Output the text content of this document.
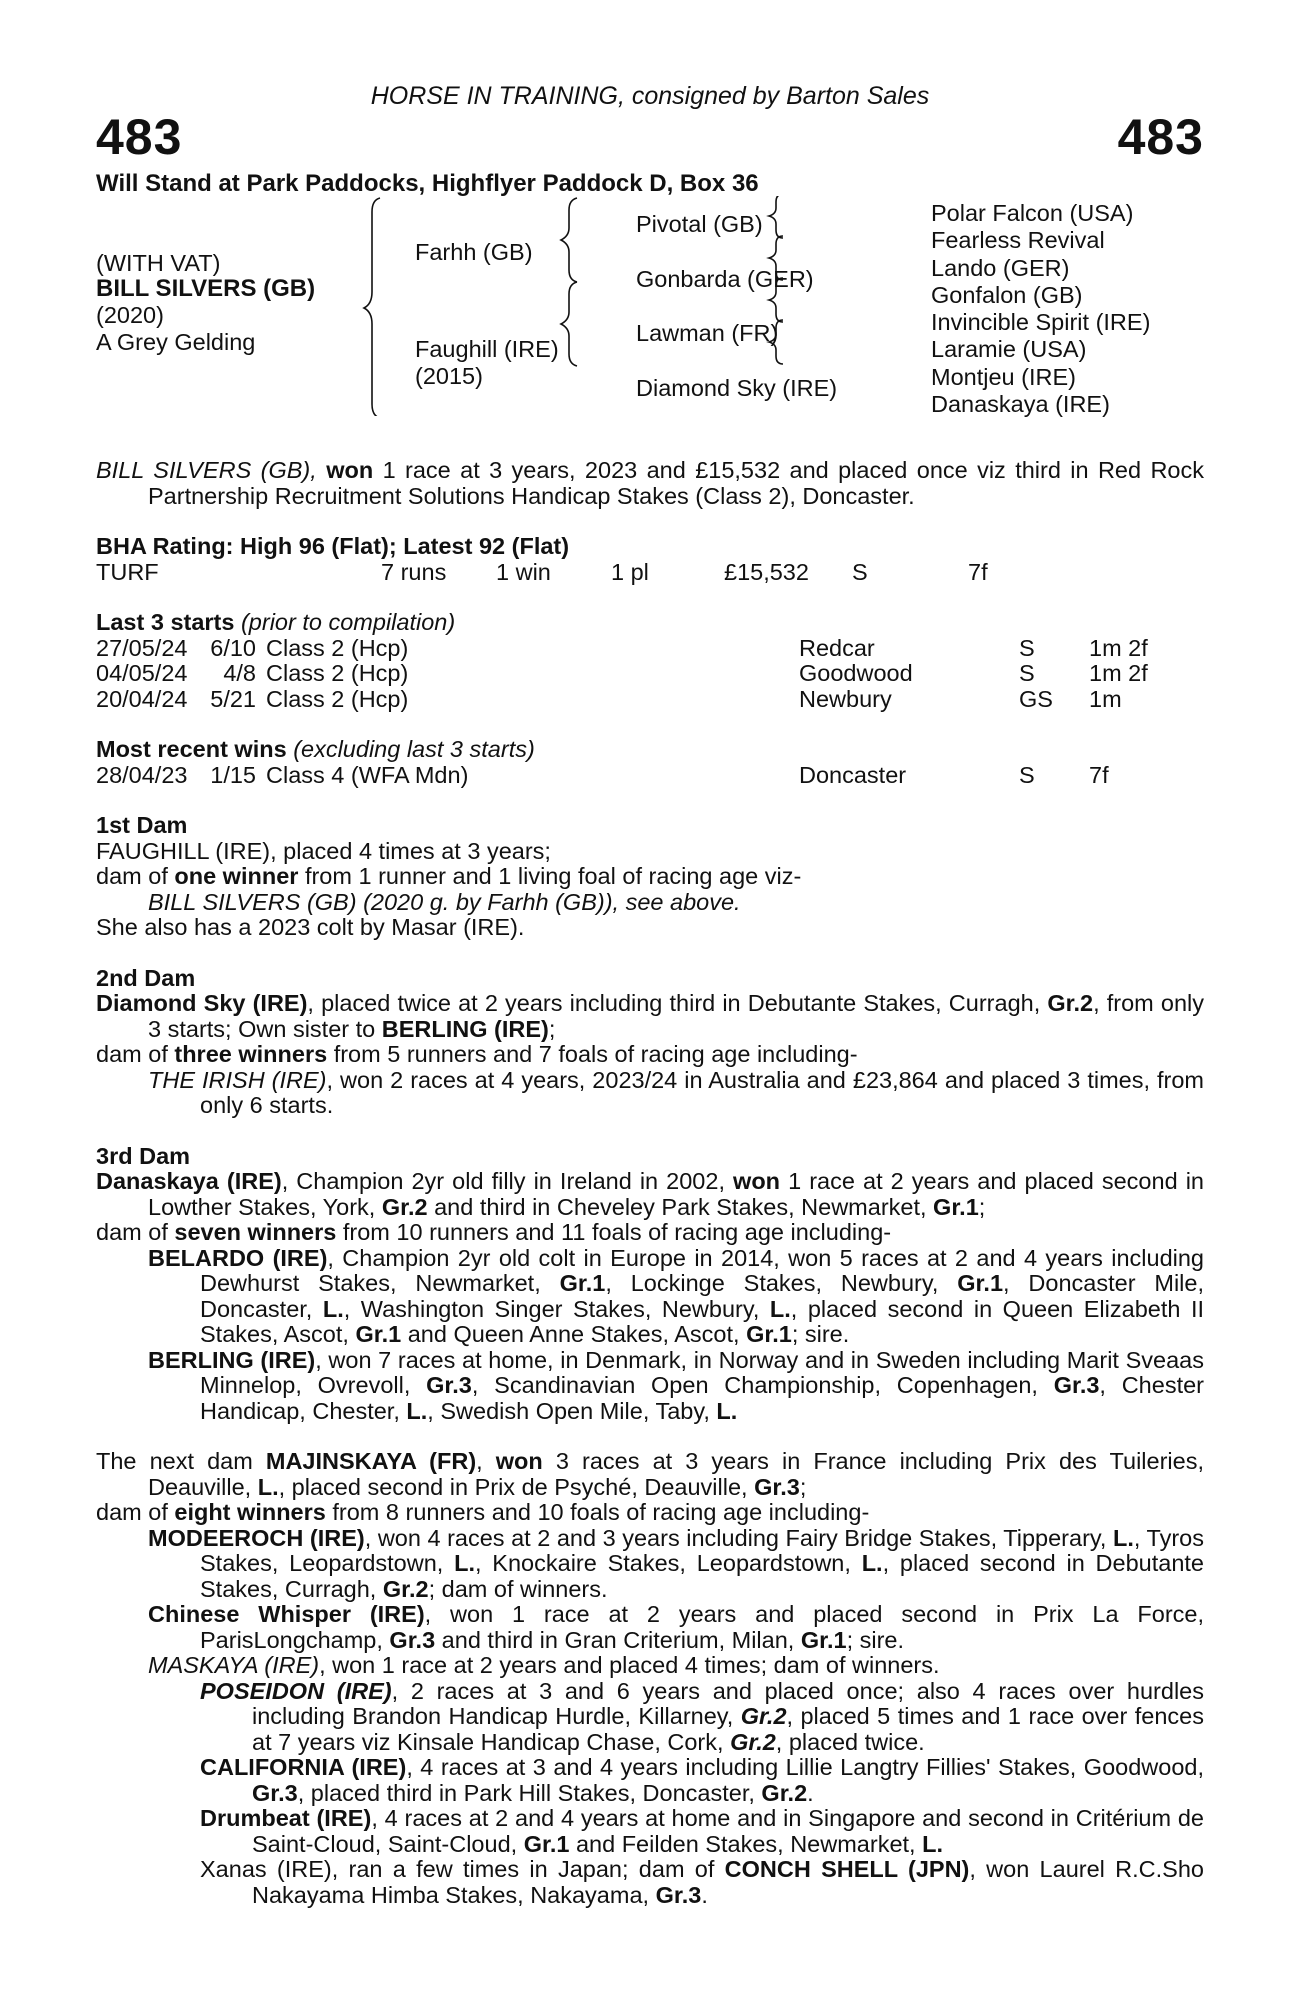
HORSE IN TRAINING, consigned by Barton Sales
483	483
Will Stand at Park Paddocks, Highflyer Paddock D, Box 36
(WITH VAT)
BILL SILVERS (GB)
(2020)
A Grey Gelding
Farhh (GB)
Faughill (IRE)
(2015)
Pivotal (GB)
Gonbarda (GER)
Lawman (FR)
Diamond Sky (IRE)
Polar Falcon (USA)
Fearless Revival
Lando (GER)
Gonfalon (GB)
Invincible Spirit (IRE)
Laramie (USA)
Montjeu (IRE)
Danaskaya (IRE)

BILL SILVERS (GB), won 1 race at 3 years, 2023 and £15,532 and placed once viz third in Red Rock Partnership Recruitment Solutions Handicap Stakes (Class 2), Doncaster.

BHA Rating: High 96 (Flat); Latest 92 (Flat)

TURF	7 runs	1 win	1 pl	£15,532	S	7f

Last 3 starts (prior to compilation)

27/05/24 6/10 Class 2 (Hcp)	Redcar	S	1m 2f
04/05/24	4/8 Class 2 (Hcp)	Goodwood	S	1m 2f
20/04/24 5/21 Class 2 (Hcp)	Newbury	GS	1m

Most recent wins (excluding last 3 starts)

28/04/23 1/15 Class 4 (WFA Mdn)	Doncaster	S	7f

1st Dam

FAUGHILL (IRE), placed 4 times at 3 years;

dam of one winner from 1 runner and 1 living foal of racing age viz-

BILL SILVERS (GB) (2020 g. by Farhh (GB)), see above.

She also has a 2023 colt by Masar (IRE).

2nd Dam

Diamond Sky (IRE), placed twice at 2 years including third in Debutante Stakes, Curragh, Gr.2, from only 3 starts; Own sister to BERLING (IRE);

dam of three winners from 5 runners and 7 foals of racing age including-

THE IRISH (IRE), won 2 races at 4 years, 2023/24 in Australia and £23,864 and placed 3 times, from only 6 starts.

3rd Dam

Danaskaya (IRE), Champion 2yr old filly in Ireland in 2002, won 1 race at 2 years and placed second in Lowther Stakes, York, Gr.2 and third in Cheveley Park Stakes, Newmarket, Gr.1;

dam of seven winners from 10 runners and 11 foals of racing age including-

BELARDO (IRE), Champion 2yr old colt in Europe in 2014, won 5 races at 2 and 4 years including Dewhurst Stakes, Newmarket, Gr.1, Lockinge Stakes, Newbury, Gr.1, Doncaster Mile, Doncaster, L., Washington Singer Stakes, Newbury, L., placed second in Queen Elizabeth II Stakes, Ascot, Gr.1 and Queen Anne Stakes, Ascot, Gr.1; sire.

BERLING (IRE), won 7 races at home, in Denmark, in Norway and in Sweden including Marit Sveaas Minnelop, Ovrevoll, Gr.3, Scandinavian Open Championship, Copenhagen, Gr.3, Chester Handicap, Chester, L., Swedish Open Mile, Taby, L.

The next dam MAJINSKAYA (FR), won 3 races at 3 years in France including Prix des Tuileries, Deauville, L., placed second in Prix de Psyché, Deauville, Gr.3;

dam of eight winners from 8 runners and 10 foals of racing age including-

MODEEROCH (IRE), won 4 races at 2 and 3 years including Fairy Bridge Stakes, Tipperary, L., Tyros Stakes, Leopardstown, L., Knockaire Stakes, Leopardstown, L., placed second in Debutante Stakes, Curragh, Gr.2; dam of winners.

Chinese Whisper (IRE), won 1 race at 2 years and placed second in Prix La Force, ParisLongchamp, Gr.3 and third in Gran Criterium, Milan, Gr.1; sire.

MASKAYA (IRE), won 1 race at 2 years and placed 4 times; dam of winners.

POSEIDON (IRE), 2 races at 3 and 6 years and placed once; also 4 races over hurdles including Brandon Handicap Hurdle, Killarney, Gr.2, placed 5 times and 1 race over fences at 7 years viz Kinsale Handicap Chase, Cork, Gr.2, placed twice.

CALIFORNIA (IRE), 4 races at 3 and 4 years including Lillie Langtry Fillies' Stakes, Goodwood, Gr.3, placed third in Park Hill Stakes, Doncaster, Gr.2.

Drumbeat (IRE), 4 races at 2 and 4 years at home and in Singapore and second in Critérium de Saint-Cloud, Saint-Cloud, Gr.1 and Feilden Stakes, Newmarket, L.

Xanas (IRE), ran a few times in Japan; dam of CONCH SHELL (JPN), won Laurel R.C.Sho Nakayama Himba Stakes, Nakayama, Gr.3.
